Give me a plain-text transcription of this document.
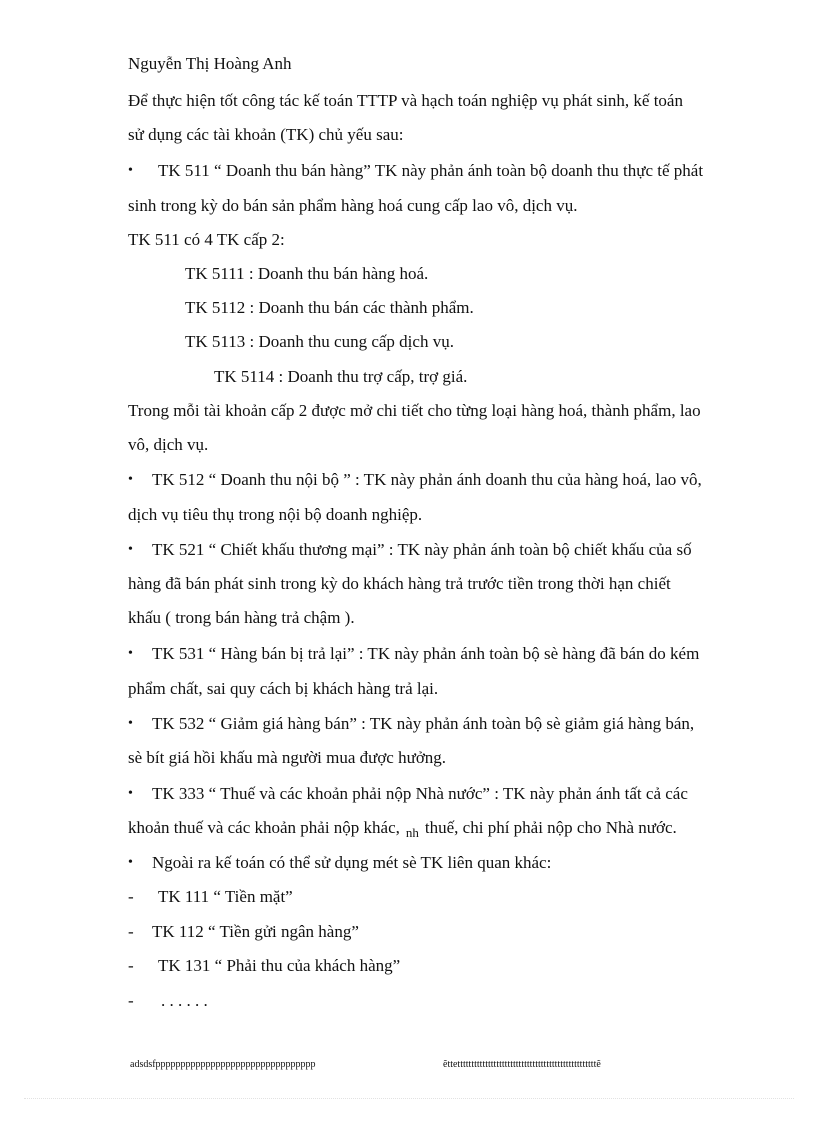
Nguyễn Thị Hoàng Anh
Để thực hiện tốt công tác kế toán TTTP và hạch toán nghiệp vụ phát sinh, kế toán
sử dụng các tài khoản (TK) chủ yếu sau:
• TK 511 “ Doanh thu bán hàng” TK này phản ánh toàn bộ doanh thu thực tế phát
sinh trong kỳ do bán sản phẩm hàng hoá cung cấp lao vô, dịch vụ.
TK 511 có 4 TK cấp 2:
TK 5111 : Doanh thu bán hàng hoá.
TK 5112 : Doanh thu bán các thành phẩm.
TK 5113 : Doanh thu cung cấp dịch vụ.
TK 5114 : Doanh thu trợ cấp, trợ giá.
Trong mỗi tài khoản cấp 2 được mở chi tiết cho từng loại hàng hoá, thành phẩm, lao
vô, dịch vụ.
• TK 512 “ Doanh thu nội bộ ” : TK này phản ánh doanh thu của hàng hoá, lao vô,
dịch vụ tiêu thụ trong nội bộ doanh nghiệp.
• TK 521 “ Chiết khấu thương mại” : TK này phản ánh toàn bộ chiết khấu của số
hàng đã bán phát sinh trong kỳ do khách hàng trả trước tiền trong thời hạn chiết
khấu ( trong bán hàng trả chậm ).
• TK 531 “ Hàng bán bị trả lại” : TK này phản ánh toàn bộ sè hàng đã bán do kém
phẩm chất, sai quy cách bị khách hàng trả lại.
• TK 532 “ Giảm giá hàng bán” : TK này phản ánh toàn bộ sè giảm giá hàng bán,
sè bít giá hồi khấu mà người mua được hưởng.
• TK 333 “ Thuế và các khoản phải nộp Nhà nước” : TK này phản ánh tất cả các
khoản thuế và các khoản phải nộp khác, $_{nh}$ thuế, chi phí phải nộp cho Nhà nước.
• Ngoài ra kế toán có thể sử dụng mét sè TK liên quan khác:
- TK 111 “ Tiền mặt”
- TK 112 “ Tiền gửi ngân hàng”
- TK 131 “ Phải thu của khách hàng”
- . . . . . .
adsdsfpppppppppppppppppppppppppppppppp	ẽttettttttttttttttttttttttttttttttttttttttttttttttttttẽ
